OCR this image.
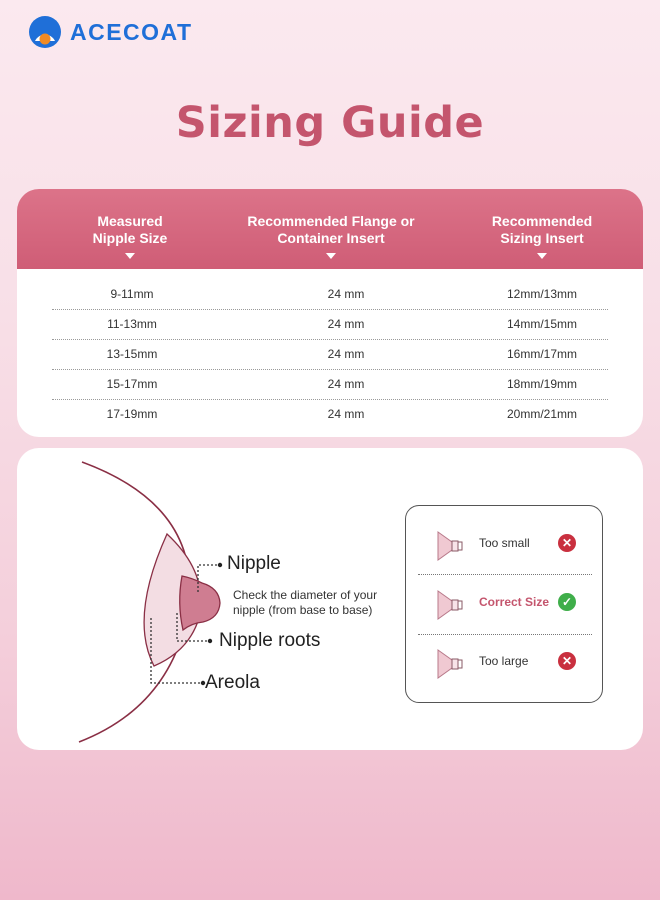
ACECOAT
Sizing Guide
Measured
Nipple Size
Recommended Flange or
Container Insert
Recommended
Sizing Insert
9-11mm	24 mm	12mm/13mm
11-13mm	24 mm	14mm/15mm
13-15mm	24 mm	16mm/17mm
15-17mm	24 mm	18mm/19mm
17-19mm	24 mm	20mm/21mm
Nipple
Check the diameter of your
nipple (from base to base)
Nipple roots
Areola
Too small	✕
Correct Size	✓
Too large	✕
